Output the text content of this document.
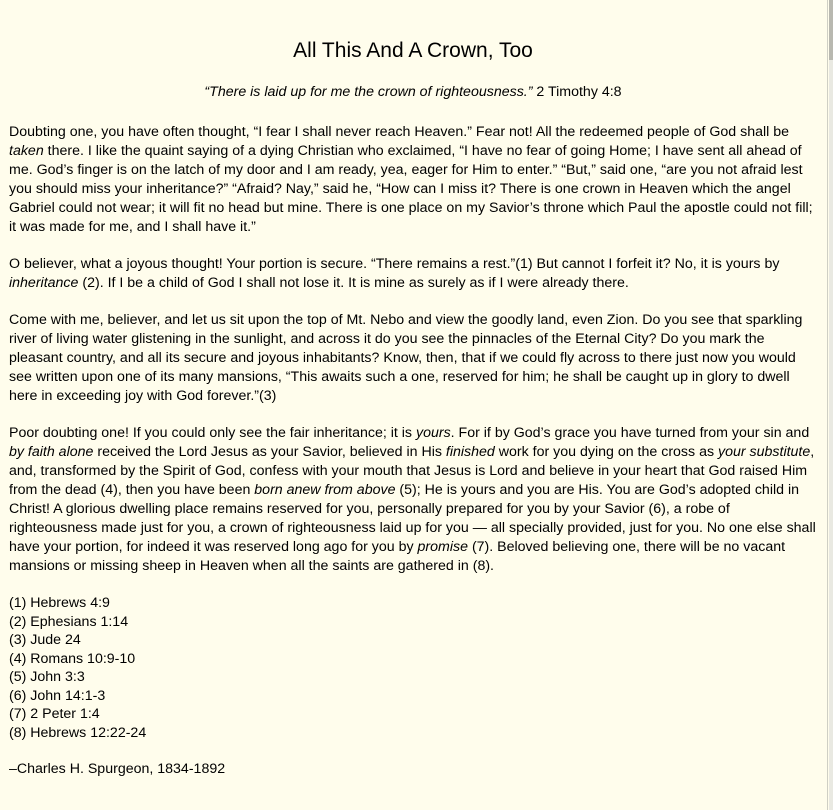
All This And A Crown, Too
“There is laid up for me the crown of righteousness.” 2 Timothy 4:8

Doubting one, you have often thought, “I fear I shall never reach Heaven.” Fear not! All the redeemed people of God shall be taken there. I like the quaint saying of a dying Christian who exclaimed, “I have no fear of going Home; I have sent all ahead of me. God’s finger is on the latch of my door and I am ready, yea, eager for Him to enter.” “But,” said one, “are you not afraid lest you should miss your inheritance?” “Afraid? Nay,” said he, “How can I miss it? There is one crown in Heaven which the angel Gabriel could not wear; it will fit no head but mine. There is one place on my Savior’s throne which Paul the apostle could not fill; it was made for me, and I shall have it.”

O believer, what a joyous thought! Your portion is secure. “There remains a rest.”(1) But cannot I forfeit it? No, it is yours by inheritance (2). If I be a child of God I shall not lose it. It is mine as surely as if I were already there.

Come with me, believer, and let us sit upon the top of Mt. Nebo and view the goodly land, even Zion. Do you see that sparkling river of living water glistening in the sunlight, and across it do you see the pinnacles of the Eternal City? Do you mark the pleasant country, and all its secure and joyous inhabitants? Know, then, that if we could fly across to there just now you would see written upon one of its many mansions, “This awaits such a one, reserved for him; he shall be caught up in glory to dwell here in exceeding joy with God forever.”(3)

Poor doubting one! If you could only see the fair inheritance; it is yours. For if by God’s grace you have turned from your sin and by faith alone received the Lord Jesus as your Savior, believed in His finished work for you dying on the cross as your substitute, and, transformed by the Spirit of God, confess with your mouth that Jesus is Lord and believe in your heart that God raised Him from the dead (4), then you have been born anew from above (5); He is yours and you are His. You are God’s adopted child in Christ! A glorious dwelling place remains reserved for you, personally prepared for you by your Savior (6), a robe of righteousness made just for you, a crown of righteousness laid up for you — all specially provided, just for you. No one else shall have your portion, for indeed it was reserved long ago for you by promise (7). Beloved believing one, there will be no vacant mansions or missing sheep in Heaven when all the saints are gathered in (8).

(1) Hebrews 4:9
(2) Ephesians 1:14
(3) Jude 24
(4) Romans 10:9-10
(5) John 3:3
(6) John 14:1-3
(7) 2 Peter 1:4
(8) Hebrews 12:22-24

–Charles H. Spurgeon, 1834-1892
